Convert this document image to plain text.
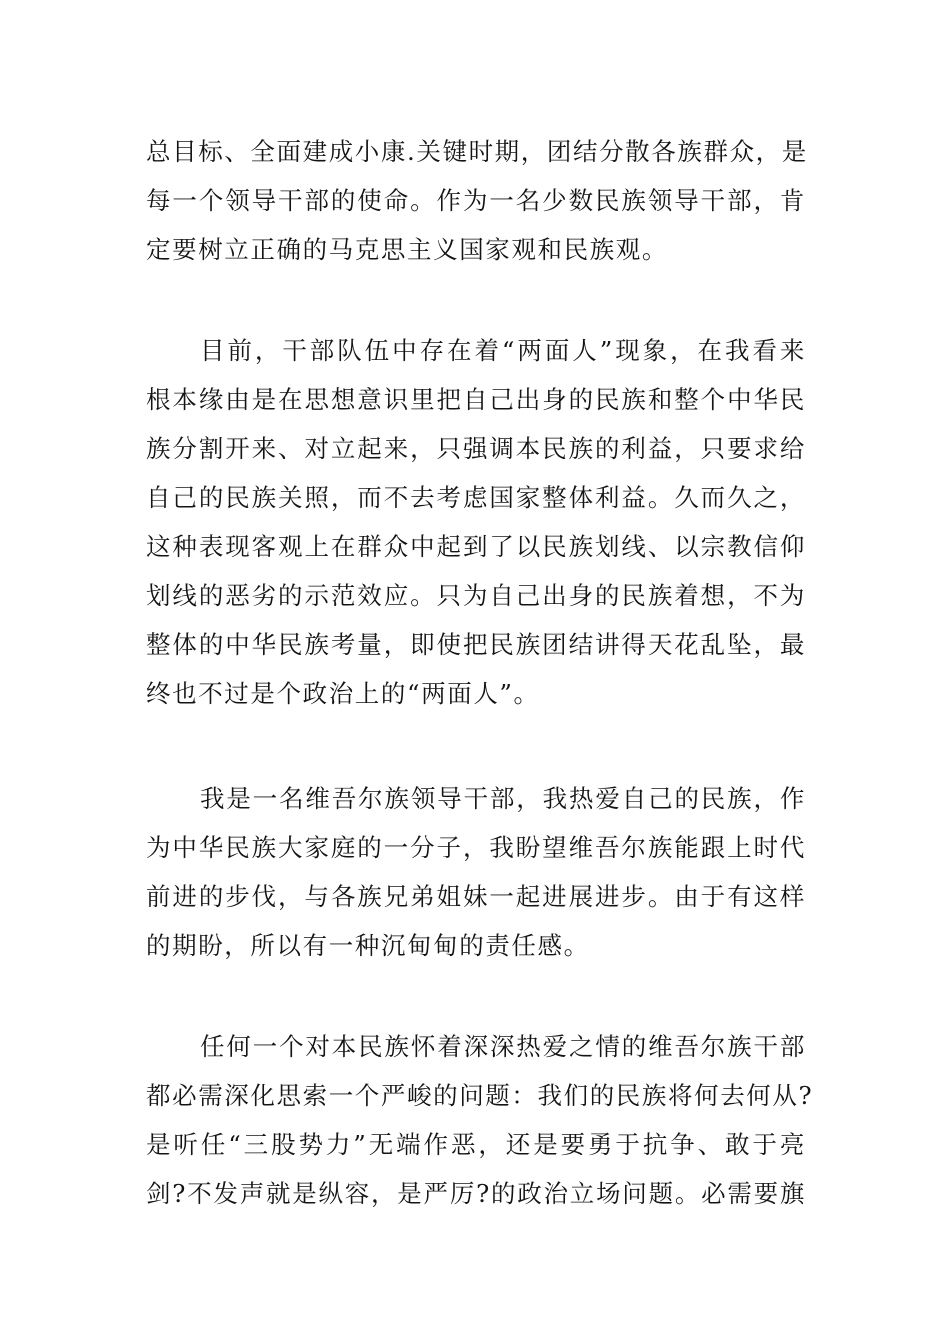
总目标、全面建成小康.关键时期，团结分散各族群众，是
每一个领导干部的使命。作为一名少数民族领导干部，肯
定要树立正确的马克思主义国家观和民族观。
目前，干部队伍中存在着“两面人”现象，在我看来
根本缘由是在思想意识里把自己出身的民族和整个中华民
族分割开来、对立起来，只强调本民族的利益，只要求给
自己的民族关照，而不去考虑国家整体利益。久而久之，
这种表现客观上在群众中起到了以民族划线、以宗教信仰
划线的恶劣的示范效应。只为自己出身的民族着想，不为
整体的中华民族考量，即使把民族团结讲得天花乱坠，最
终也不过是个政治上的“两面人”。
我是一名维吾尔族领导干部，我热爱自己的民族，作
为中华民族大家庭的一分子，我盼望维吾尔族能跟上时代
前进的步伐，与各族兄弟姐妹一起进展进步。由于有这样
的期盼，所以有一种沉甸甸的责任感。
任何一个对本民族怀着深深热爱之情的维吾尔族干部
都必需深化思索一个严峻的问题：我们的民族将何去何从?
是听任“三股势力”无端作恶，还是要勇于抗争、敢于亮
剑?不发声就是纵容，是严厉?的政治立场问题。必需要旗
